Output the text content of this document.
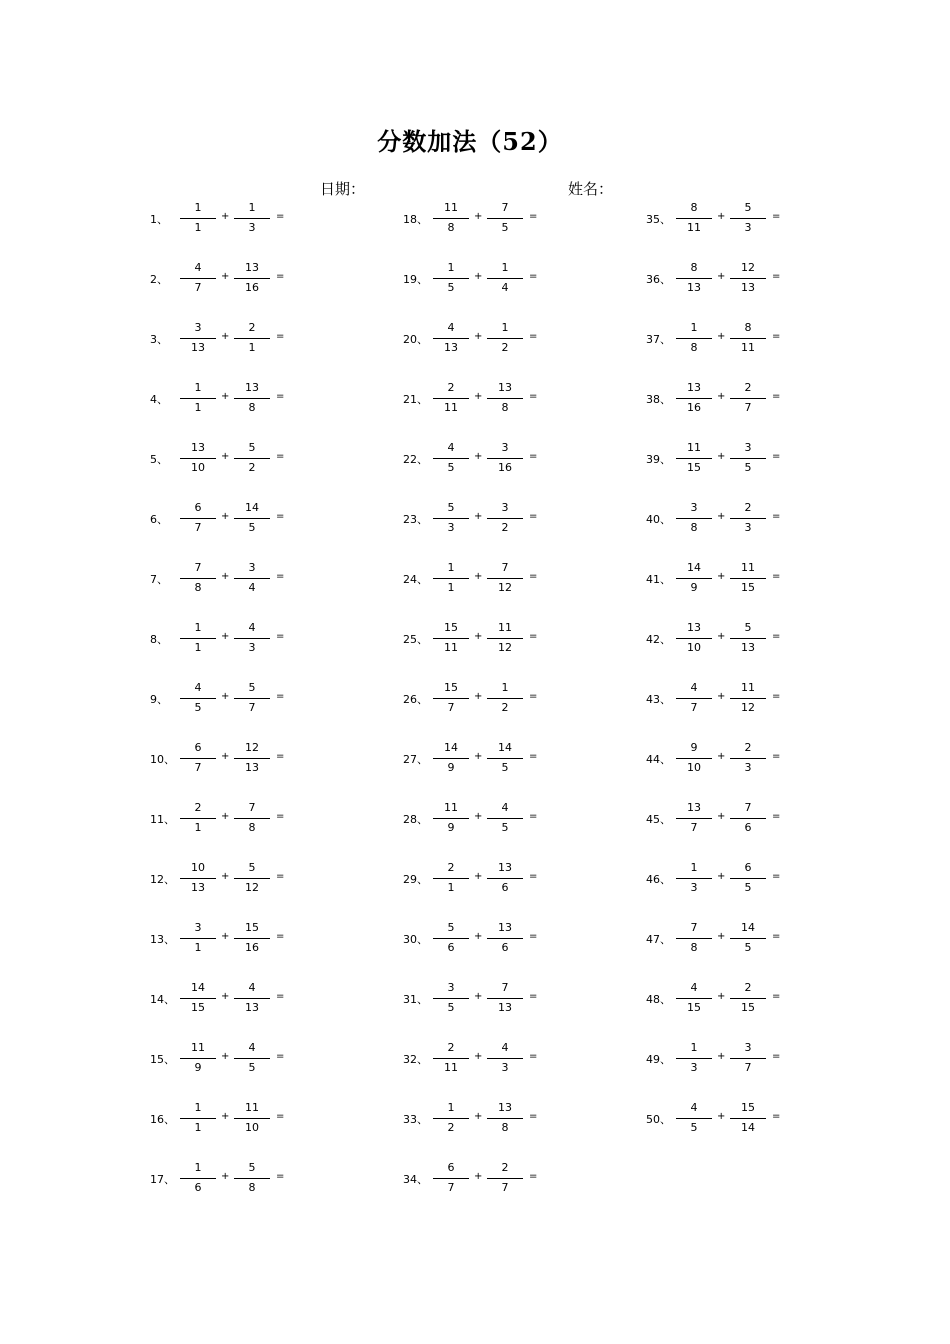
分数加法（52）
日期：	姓名：
1、
1
1
+
1
3
=
2、
4
7
+
13
16
=
3、
3
13
+
2
1
=
4、
1
1
+
13
8
=
5、
13
10
+
5
2
=
6、
6
7
+
14
5
=
7、
7
8
+
3
4
=
8、
1
1
+
4
3
=
9、
4
5
+
5
7
=
10、
6
7
+
12
13
=
11、
2
1
+
7
8
=
12、
10
13
+
5
12
=
13、
3
1
+
15
16
=
14、
14
15
+
4
13
=
15、
11
9
+
4
5
=
16、
1
1
+
11
10
=
17、
1
6
+
5
8
=
18、
11
8
+
7
5
=
19、
1
5
+
1
4
=
20、
4
13
+
1
2
=
21、
2
11
+
13
8
=
22、
4
5
+
3
16
=
23、
5
3
+
3
2
=
24、
1
1
+
7
12
=
25、
15
11
+
11
12
=
26、
15
7
+
1
2
=
27、
14
9
+
14
5
=
28、
11
9
+
4
5
=
29、
2
1
+
13
6
=
30、
5
6
+
13
6
=
31、
3
5
+
7
13
=
32、
2
11
+
4
3
=
33、
1
2
+
13
8
=
34、
6
7
+
2
7
=
35、
8
11
+
5
3
=
36、
8
13
+
12
13
=
37、
1
8
+
8
11
=
38、
13
16
+
2
7
=
39、
11
15
+
3
5
=
40、
3
8
+
2
3
=
41、
14
9
+
11
15
=
42、
13
10
+
5
13
=
43、
4
7
+
11
12
=
44、
9
10
+
2
3
=
45、
13
7
+
7
6
=
46、
1
3
+
6
5
=
47、
7
8
+
14
5
=
48、
4
15
+
2
15
=
49、
1
3
+
3
7
=
50、
4
5
+
15
14
=
